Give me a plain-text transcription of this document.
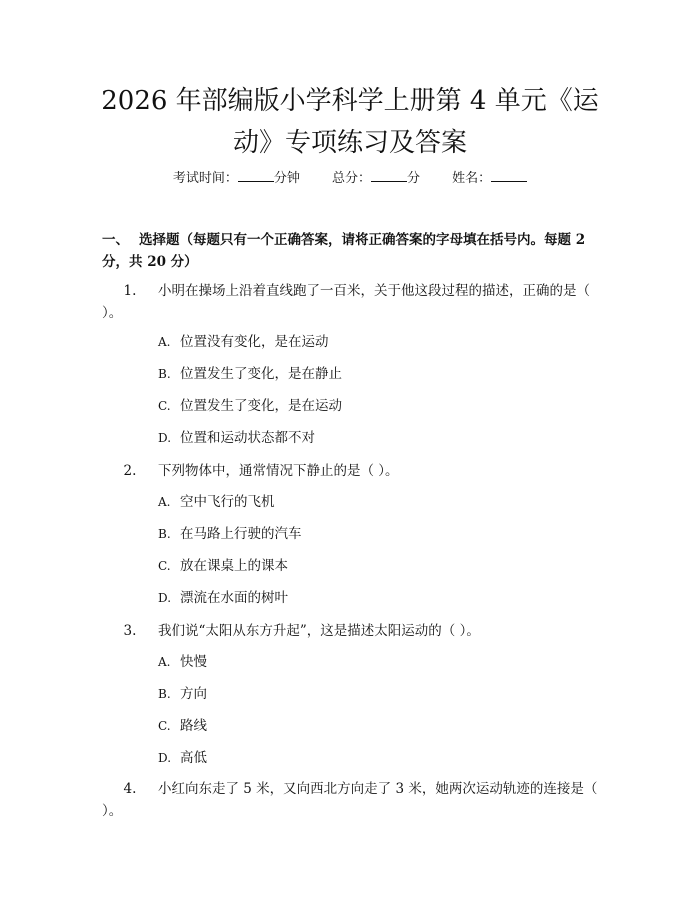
2026 年部编版小学科学上册第 4 单元《运
动》专项练习及答案
考试时间：	分钟 总分：	分 姓名：
一、 选择题（每题只有一个正确答案，请将正确答案的字母填在括号内。每题 2 分，共 20 分）
1. 小明在操场上沿着直线跑了一百米，关于他这段过程的描述，正确的是（ ）。
A. 位置没有变化，是在运动
B. 位置发生了变化，是在静止
C. 位置发生了变化，是在运动
D. 位置和运动状态都不对
2. 下列物体中，通常情况下静止的是（ ）。
A. 空中飞行的飞机
B. 在马路上行驶的汽车
C. 放在课桌上的课本
D. 漂流在水面的树叶
3. 我们说“太阳从东方升起”，这是描述太阳运动的（ ）。
A. 快慢
B. 方向
C. 路线
D. 高低
4. 小红向东走了 5 米，又向西北方向走了 3 米，她两次运动轨迹的连接是（ ）。
